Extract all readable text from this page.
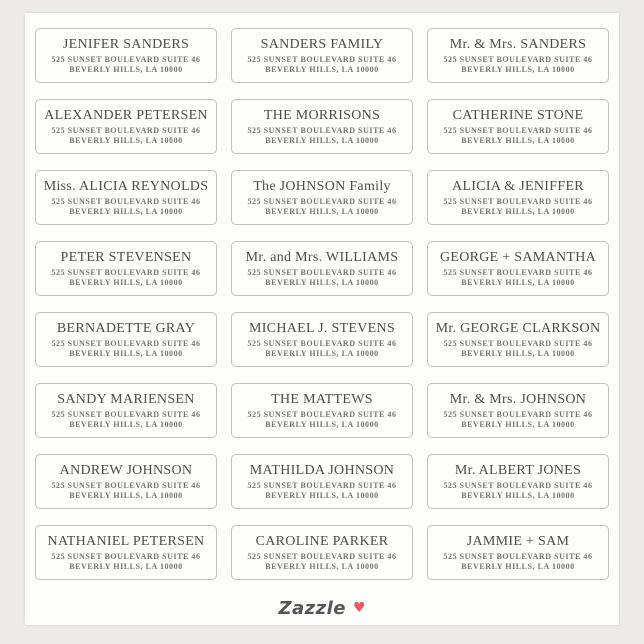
JENIFER SANDERS
525 SUNSET BOULEVARD SUITE 46
BEVERLY HILLS, LA 10000
SANDERS FAMILY
525 SUNSET BOULEVARD SUITE 46
BEVERLY HILLS, LA 10000
Mr. & Mrs. SANDERS
525 SUNSET BOULEVARD SUITE 46
BEVERLY HILLS, LA 10000
ALEXANDER PETERSEN
525 SUNSET BOULEVARD SUITE 46
BEVERLY HILLS, LA 10000
THE MORRISONS
525 SUNSET BOULEVARD SUITE 46
BEVERLY HILLS, LA 10000
CATHERINE STONE
525 SUNSET BOULEVARD SUITE 46
BEVERLY HILLS, LA 10000
Miss. ALICIA REYNOLDS
525 SUNSET BOULEVARD SUITE 46
BEVERLY HILLS, LA 10000
The JOHNSON Family
525 SUNSET BOULEVARD SUITE 46
BEVERLY HILLS, LA 10000
ALICIA & JENIFFER
525 SUNSET BOULEVARD SUITE 46
BEVERLY HILLS, LA 10000
PETER STEVENSEN
525 SUNSET BOULEVARD SUITE 46
BEVERLY HILLS, LA 10000
Mr. and Mrs. WILLIAMS
525 SUNSET BOULEVARD SUITE 46
BEVERLY HILLS, LA 10000
GEORGE + SAMANTHA
525 SUNSET BOULEVARD SUITE 46
BEVERLY HILLS, LA 10000
BERNADETTE GRAY
525 SUNSET BOULEVARD SUITE 46
BEVERLY HILLS, LA 10000
MICHAEL J. STEVENS
525 SUNSET BOULEVARD SUITE 46
BEVERLY HILLS, LA 10000
Mr. GEORGE CLARKSON
525 SUNSET BOULEVARD SUITE 46
BEVERLY HILLS, LA 10000
SANDY MARIENSEN
525 SUNSET BOULEVARD SUITE 46
BEVERLY HILLS, LA 10000
THE MATTEWS
525 SUNSET BOULEVARD SUITE 46
BEVERLY HILLS, LA 10000
Mr. & Mrs. JOHNSON
525 SUNSET BOULEVARD SUITE 46
BEVERLY HILLS, LA 10000
ANDREW JOHNSON
525 SUNSET BOULEVARD SUITE 46
BEVERLY HILLS, LA 10000
MATHILDA JOHNSON
525 SUNSET BOULEVARD SUITE 46
BEVERLY HILLS, LA 10000
Mr. ALBERT JONES
525 SUNSET BOULEVARD SUITE 46
BEVERLY HILLS, LA 10000
NATHANIEL PETERSEN
525 SUNSET BOULEVARD SUITE 46
BEVERLY HILLS, LA 10000
CAROLINE PARKER
525 SUNSET BOULEVARD SUITE 46
BEVERLY HILLS, LA 10000
JAMMIE + SAM
525 SUNSET BOULEVARD SUITE 46
BEVERLY HILLS, LA 10000
Zazzle ♥
